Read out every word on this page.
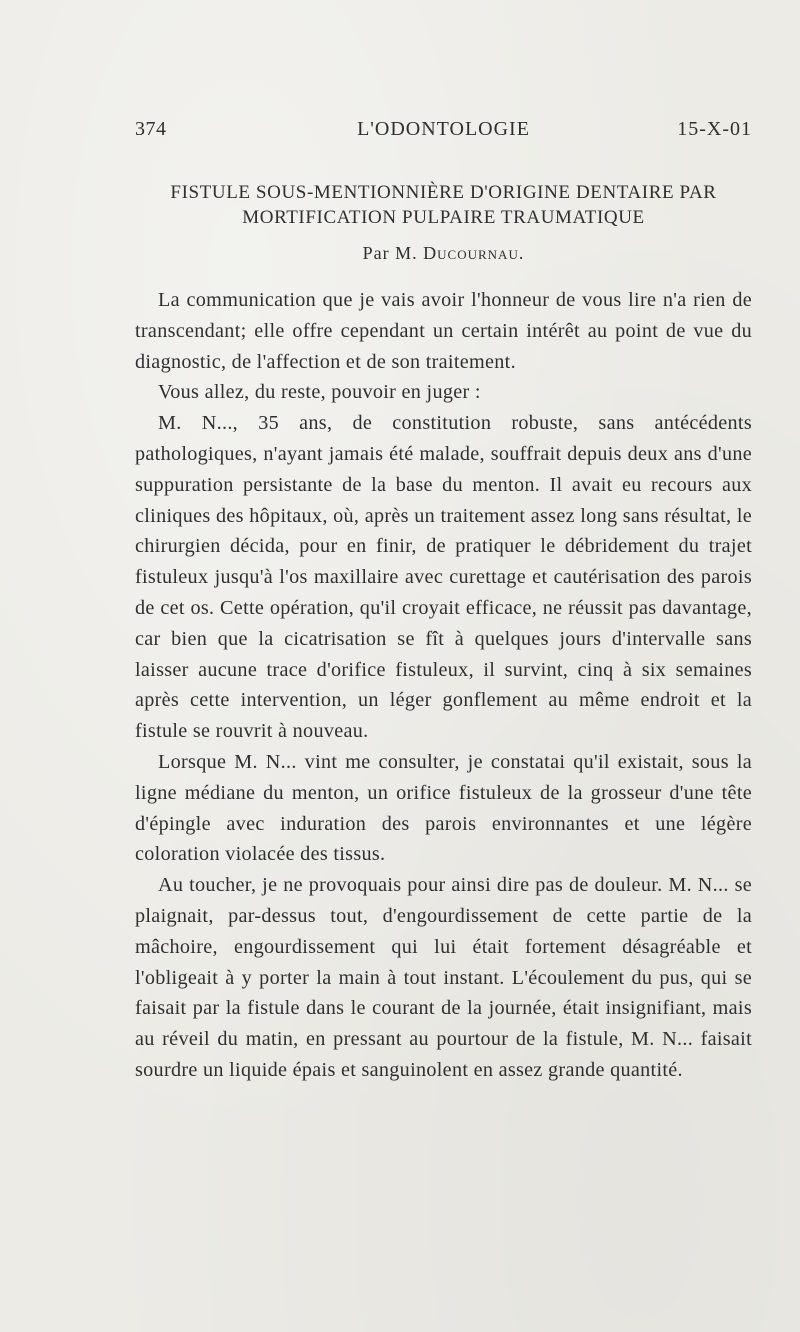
374	L'ODONTOLOGIE	15-X-01
FISTULE SOUS-MENTIONNIÈRE D'ORIGINE DENTAIRE PAR
MORTIFICATION PULPAIRE TRAUMATIQUE
Par M. Ducournau.

La communication que je vais avoir l'honneur de vous lire n'a rien de transcendant; elle offre cependant un certain intérêt au point de vue du diagnostic, de l'affection et de son traitement.

Vous allez, du reste, pouvoir en juger :

M. N..., 35 ans, de constitution robuste, sans antécédents pathologiques, n'ayant jamais été malade, souffrait depuis deux ans d'une suppuration persistante de la base du menton. Il avait eu recours aux cliniques des hôpitaux, où, après un traitement assez long sans résultat, le chirurgien décida, pour en finir, de pratiquer le débridement du trajet fistuleux jusqu'à l'os maxillaire avec curettage et cautérisation des parois de cet os. Cette opération, qu'il croyait efficace, ne réussit pas davantage, car bien que la cicatrisation se fît à quelques jours d'intervalle sans laisser aucune trace d'orifice fistuleux, il survint, cinq à six semaines après cette intervention, un léger gonflement au même endroit et la fistule se rouvrit à nouveau.

Lorsque M. N... vint me consulter, je constatai qu'il existait, sous la ligne médiane du menton, un orifice fistuleux de la grosseur d'une tête d'épingle avec induration des parois environnantes et une légère coloration violacée des tissus.

Au toucher, je ne provoquais pour ainsi dire pas de douleur. M. N... se plaignait, par-dessus tout, d'engourdissement de cette partie de la mâchoire, engourdissement qui lui était fortement désagréable et l'obligeait à y porter la main à tout instant. L'écoulement du pus, qui se faisait par la fistule dans le courant de la journée, était insignifiant, mais au réveil du matin, en pressant au pourtour de la fistule, M. N... faisait sourdre un liquide épais et sanguinolent en assez grande quantité.
